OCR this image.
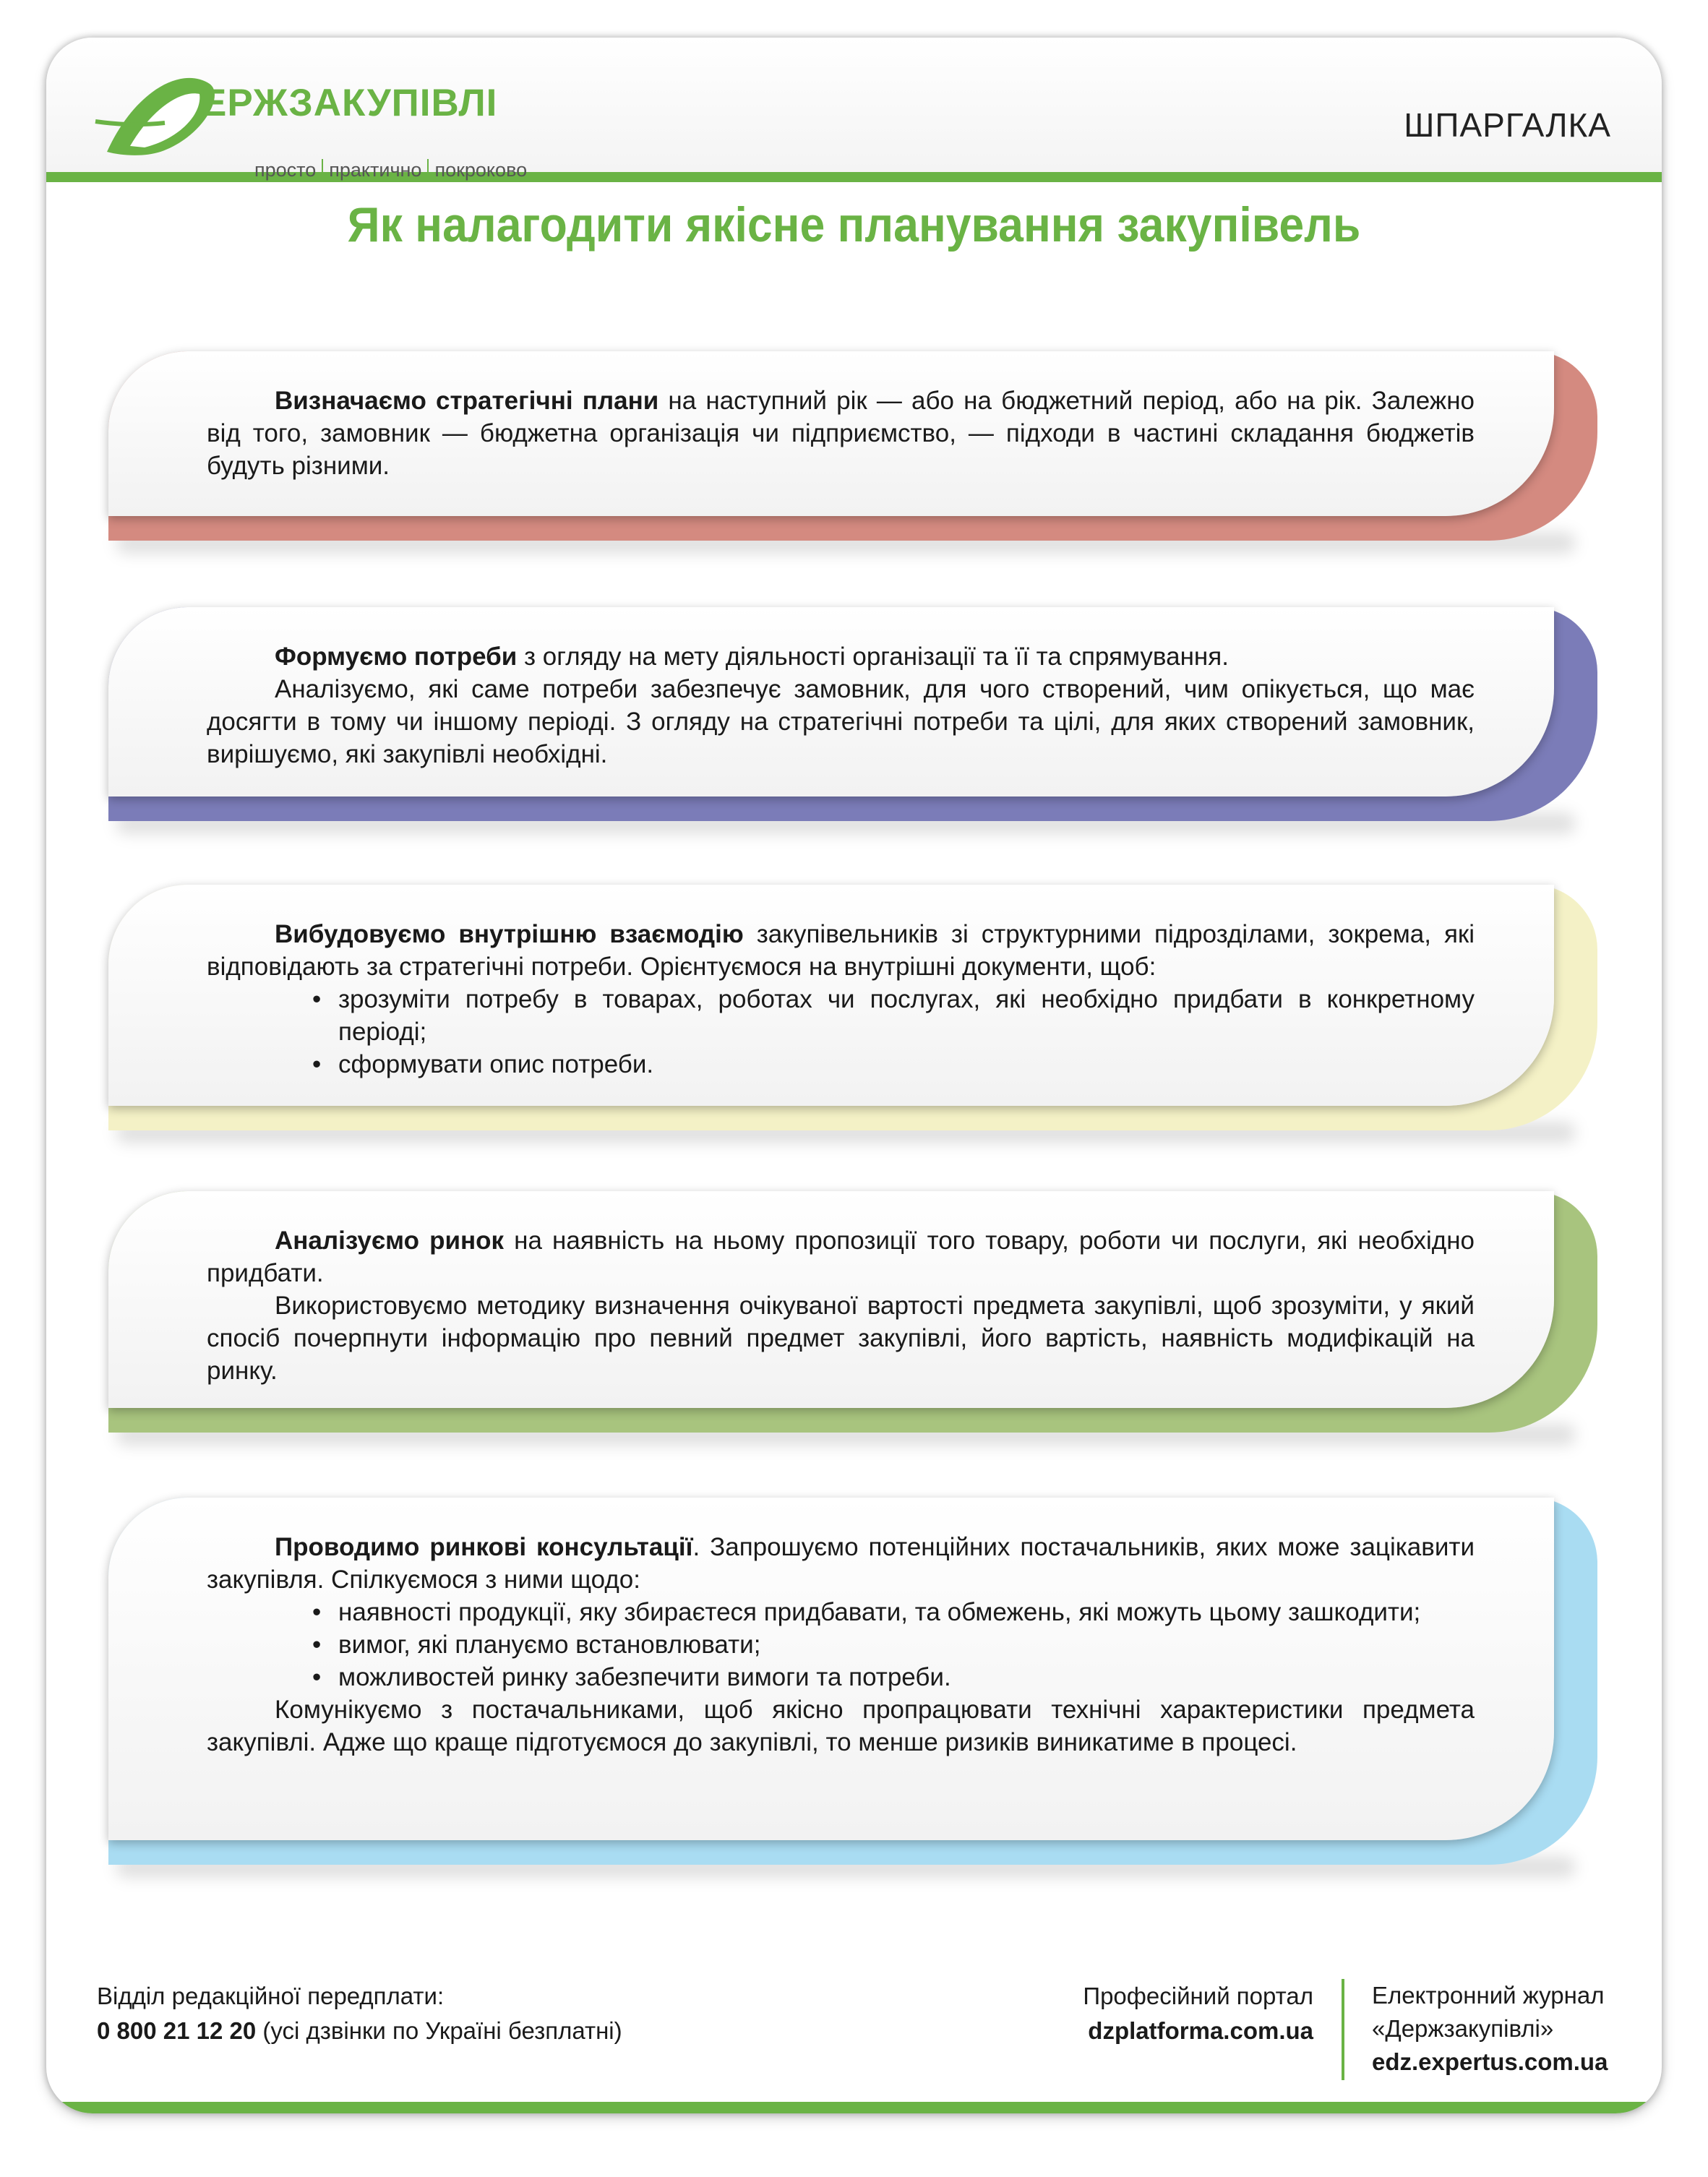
ЕРЖЗАКУПІВЛІ
просто практично покроково
ШПАРГАЛКА
Як налагодити якісне планування закупівель

Визначаємо стратегічні плани на наступний рік — або на бюджетний період, або на рік. Залежно від того, замовник — бюджетна організація чи підприємство, — підходи в частині складання бюджетів будуть різними.

Формуємо потреби з огляду на мету діяльності організації та її та спрямування.

Аналізуємо, які саме потреби забезпечує замовник, для чого створений, чим опікується, що має досягти в тому чи іншому періоді. З огляду на стратегічні потреби та цілі, для яких створений замовник, вирішуємо, які закупівлі необхідні.

Вибудовуємо внутрішню взаємодію закупівельників зі структурними підрозділами, зокрема, які відповідають за стратегічні потреби. Орієнтуємося на внутрішні документи, щоб:

• зрозуміти потребу в товарах, роботах чи послугах, які необхідно придбати в конкретному періоді;
• сформувати опис потреби.

Аналізуємо ринок на наявність на ньому пропозиції того товару, роботи чи послуги, які необхідно придбати.

Використовуємо методику визначення очікуваної вартості предмета закупівлі, щоб зрозуміти, у який спосіб почерпнути інформацію про певний предмет закупівлі, його вартість, наявність модифікацій на ринку.

Проводимо ринкові консультації. Запрошуємо потенційних постачальників, яких може зацікавити закупівля. Спілкуємося з ними щодо:

• наявності продукції, яку збираєтеся придбавати, та обмежень, які можуть цьому зашкодити;
• вимог, які плануємо встановлювати;
• можливостей ринку забезпечити вимоги та потреби.

Комунікуємо з постачальниками, щоб якісно пропрацювати технічні характеристики предмета закупівлі. Адже що краще підготуємося до закупівлі, то менше ризиків виникатиме в процесі.

Відділ редакційної передплати:
0 800 21 12 20 (усі дзвінки по Україні безплатні)
Професійний портал
dzplatforma.com.ua
Електронний журнал
«Держзакупівлі»
edz.expertus.com.ua
